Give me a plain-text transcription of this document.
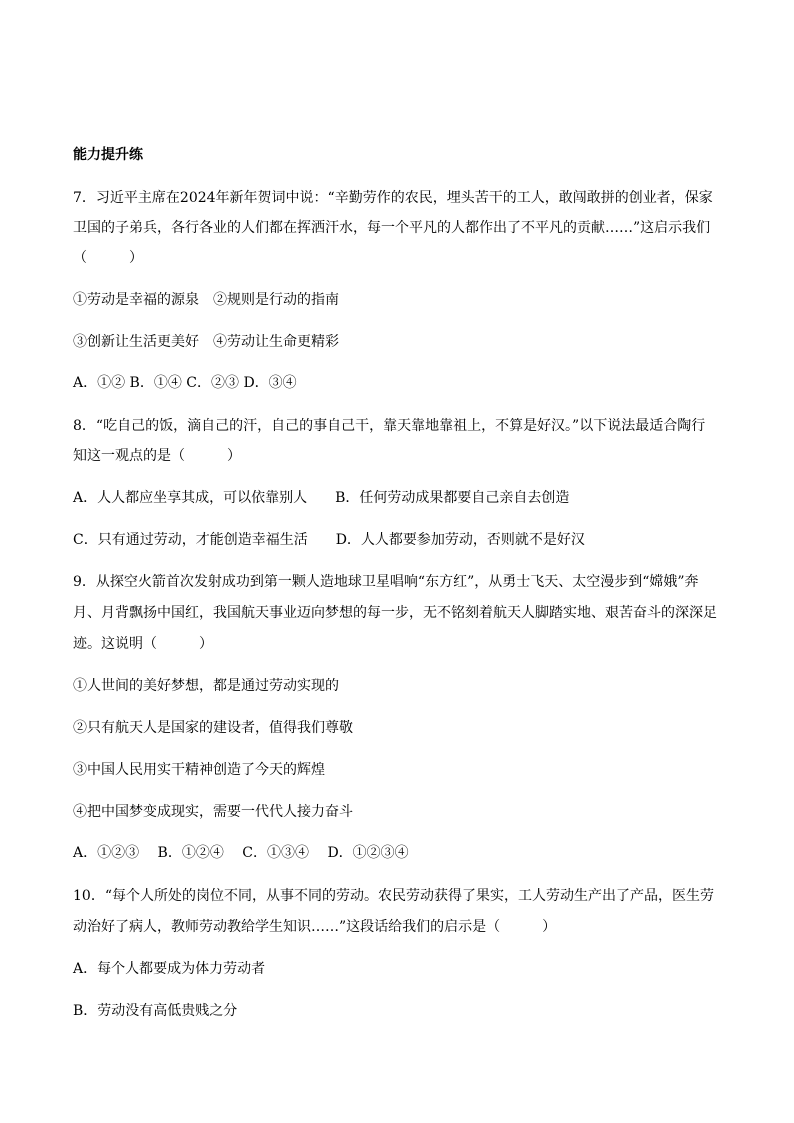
能力提升练
7．习近平主席在2024年新年贺词中说：“辛勤劳作的农民，埋头苦干的工人，敢闯敢拼的创业者，保家
卫国的子弟兵，各行各业的人们都在挥洒汗水，每一个平凡的人都作出了不平凡的贡献……”这启示我们
（　　　）
①劳动是幸福的源泉　②规则是行动的指南
③创新让生活更美好　④劳动让生命更精彩
A．①② B．①④ C．②③ D．③④
8．“吃自己的饭，滴自己的汗，自己的事自己干，靠天靠地靠祖上，不算是好汉。”以下说法最适合陶行
知这一观点的是（　　　）
A．人人都应坐享其成，可以依靠别人　　B．任何劳动成果都要自己亲自去创造
C．只有通过劳动，才能创造幸福生活　　D．人人都要参加劳动，否则就不是好汉
9．从探空火箭首次发射成功到第一颗人造地球卫星唱响“东方红”，从勇士飞天、太空漫步到“嫦娥”奔
月、月背飘扬中国红，我国航天事业迈向梦想的每一步，无不铭刻着航天人脚踏实地、艰苦奋斗的深深足
迹。这说明（　　　）
①人世间的美好梦想，都是通过劳动实现的
②只有航天人是国家的建设者，值得我们尊敬
③中国人民用实干精神创造了今天的辉煌
④把中国梦变成现实，需要一代代人接力奋斗
A．①②③　 B．①②④　 C．①③④　 D．①②③④
10．“每个人所处的岗位不同，从事不同的劳动。农民劳动获得了果实，工人劳动生产出了产品，医生劳
动治好了病人，教师劳动教给学生知识……”这段话给我们的启示是（　　　）
A．每个人都要成为体力劳动者
B．劳动没有高低贵贱之分
